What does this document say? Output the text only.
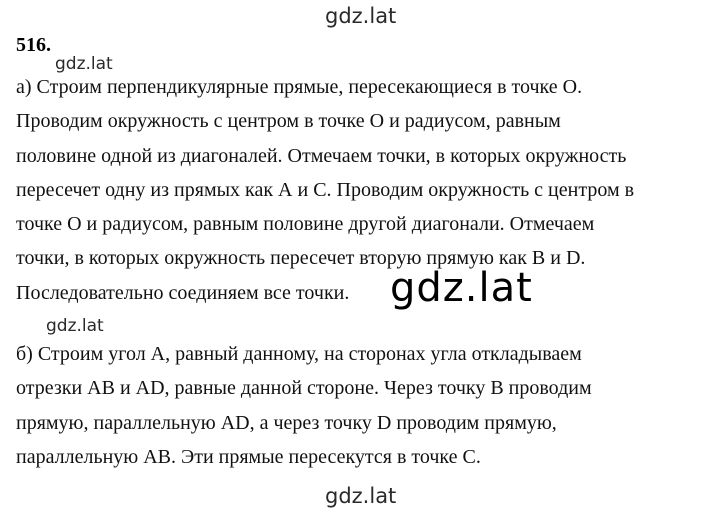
gdz.lat
516.
а) Строим перпендикулярные прямые, пересекающиеся в точке О.
Проводим окружность с центром в точке О и радиусом, равным
половине одной из диагоналей. Отмечаем точки, в которых окружность
пересечет одну из прямых как А и С. Проводим окружность с центром в
точке О и радиусом, равным половине другой диагонали. Отмечаем
точки, в которых окружность пересечет вторую прямую как В и D.
Последовательно соединяем все точки.
gdz.lat
gdz.lat
gdz.lat
б) Строим угол А, равный данному, на сторонах угла откладываем
отрезки АВ и AD, равные данной стороне. Через точку В проводим
прямую, параллельную AD, а через точку D проводим прямую,
параллельную АВ. Эти прямые пересекутся в точке С.
gdz.lat
